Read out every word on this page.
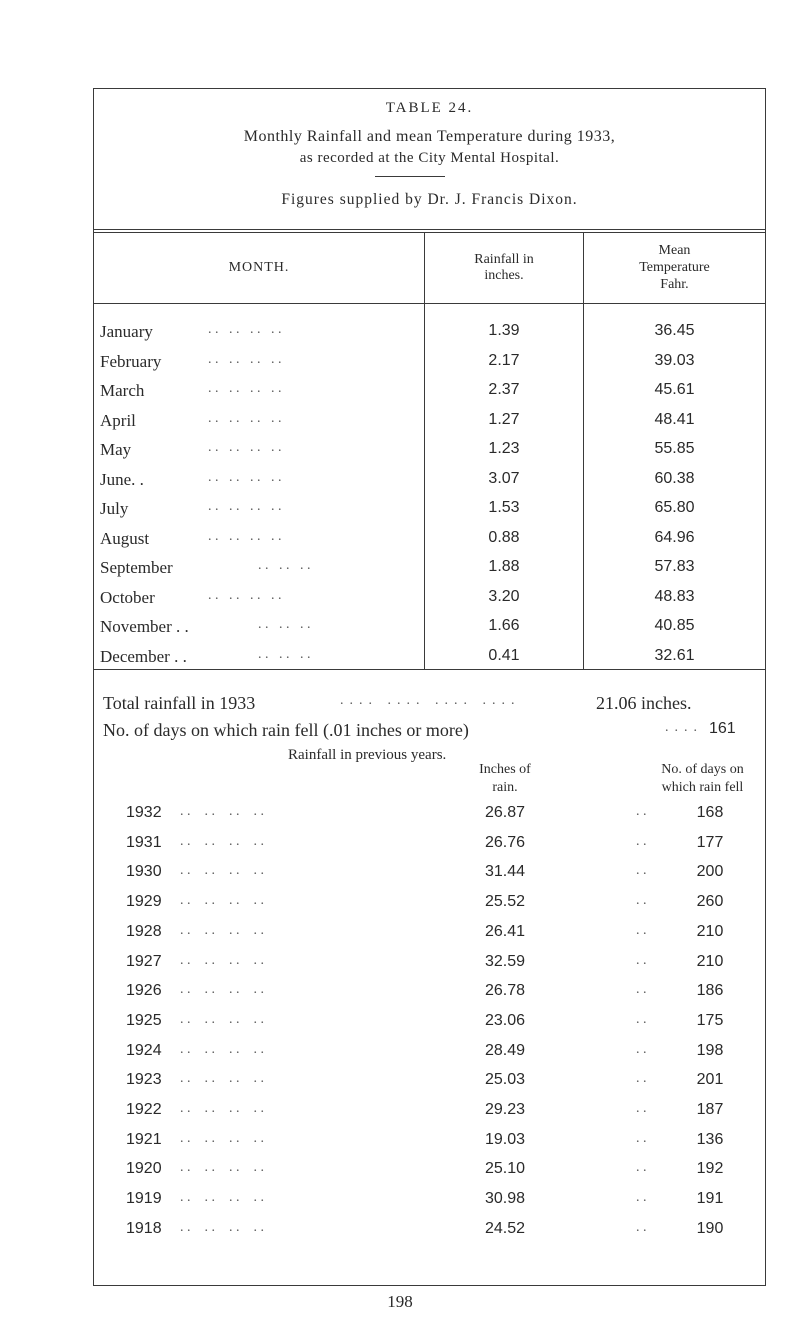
TABLE 24.
Monthly Rainfall and mean Temperature during 1933,
as recorded at the City Mental Hospital.
Figures supplied by Dr. J. Francis Dixon.
MONTH.
Rainfall in
inches.
Mean
Temperature
Fahr.
January	. .   . .   . .   . .	1.39	36.45
February	. .   . .   . .   . .	2.17	39.03
March	. .   . .   . .   . .	2.37	45.61
April	. .   . .   . .   . .	1.27	48.41
May	. .   . .   . .   . .	1.23	55.85
June. .	. .   . .   . .   . .	3.07	60.38
July	. .   . .   . .   . .	1.53	65.80
August	. .   . .   . .   . .	0.88	64.96
September	. .   . .   . .	1.88	57.83
October	. .   . .   . .   . .	3.20	48.83
November . .	. .   . .   . .	1.66	40.85
December . .	. .   . .   . .	0.41	32.61
Total rainfall in 1933	.... .... .... ....	21.06 inches.
No. of days on which rain fell (.01 inches or more)	.... 161
Rainfall in previous years.
Inches of
rain.
No. of days on
which rain fell
1932 . .    . .    . .    . .	26.87	. .	168
1931 . .    . .    . .    . .	26.76	. .	177
1930 . .    . .    . .    . .	31.44	. .	200
1929 . .    . .    . .    . .	25.52	. .	260
1928 . .    . .    . .    . .	26.41	. .	210
1927 . .    . .    . .    . .	32.59	. .	210
1926 . .    . .    . .    . .	26.78	. .	186
1925 . .    . .    . .    . .	23.06	. .	175
1924 . .    . .    . .    . .	28.49	. .	198
1923 . .    . .    . .    . .	25.03	. .	201
1922 . .    . .    . .    . .	29.23	. .	187
1921 . .    . .    . .    . .	19.03	. .	136
1920 . .    . .    . .    . .	25.10	. .	192
1919 . .    . .    . .    . .	30.98	. .	191
1918 . .    . .    . .    . .	24.52	. .	190
198
